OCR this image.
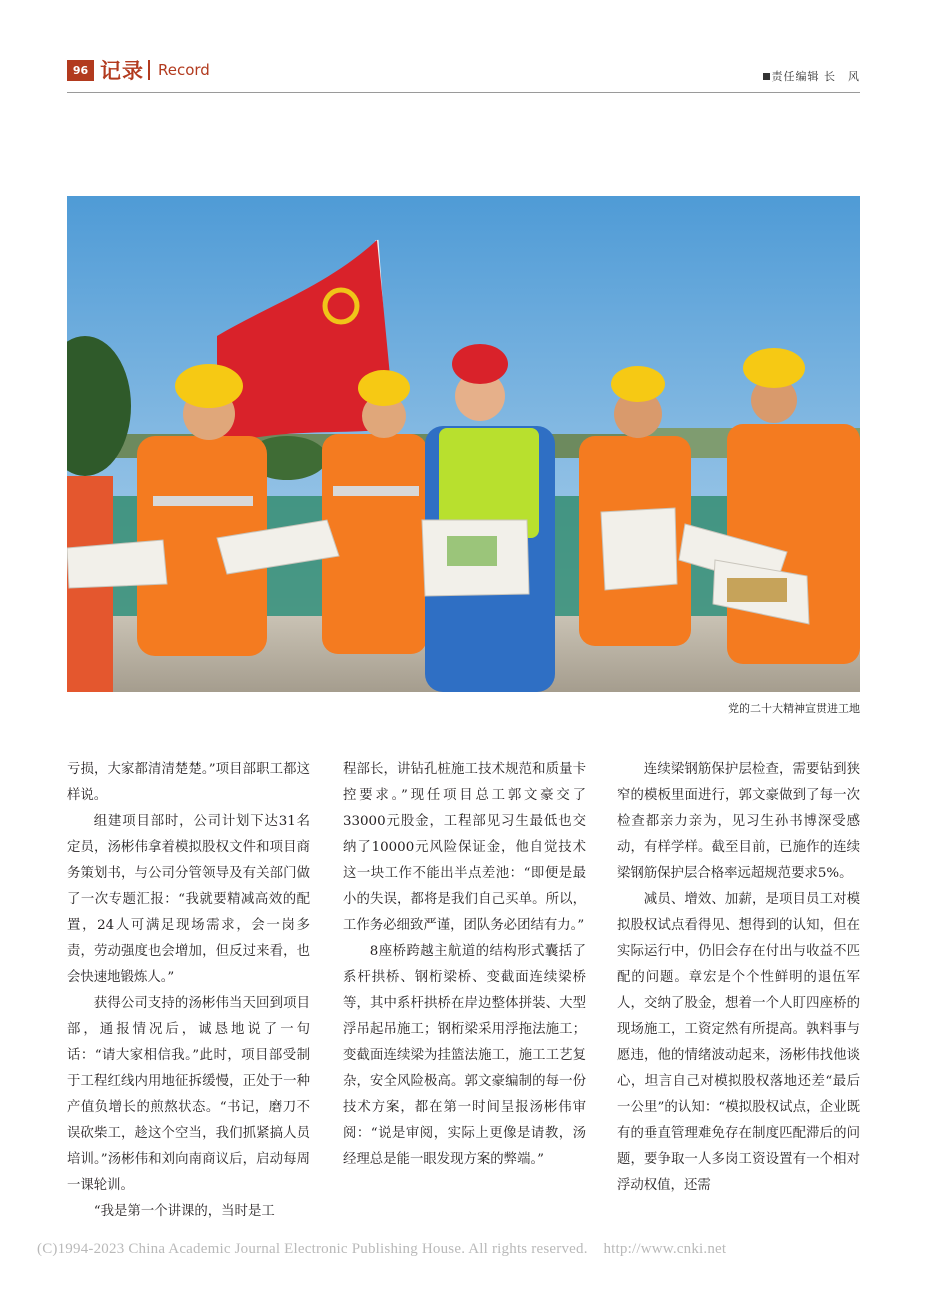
96 记录 Record	责任编辑 长　风
党的二十大精神宣贯进工地

亏损，大家都清清楚楚。”项目部职工都这样说。

组建项目部时，公司计划下达31名定员，汤彬伟拿着模拟股权文件和项目商务策划书，与公司分管领导及有关部门做了一次专题汇报：“我就要精减高效的配置，24人可满足现场需求，会一岗多责，劳动强度也会增加，但反过来看，也会快速地锻炼人。”

获得公司支持的汤彬伟当天回到项目部，通报情况后，诚恳地说了一句话：“请大家相信我。”此时，项目部受制于工程红线内用地征拆缓慢，正处于一种产值负增长的煎熬状态。“书记，磨刀不误砍柴工，趁这个空当，我们抓紧搞人员培训。”汤彬伟和刘向南商议后，启动每周一课轮训。

“我是第一个讲课的，当时是工

程部长，讲钻孔桩施工技术规范和质量卡控要求。”现任项目总工郭文豪交了33000元股金，工程部见习生最低也交纳了10000元风险保证金，他自觉技术这一块工作不能出半点差池：“即便是最小的失误，都将是我们自己买单。所以，工作务必细致严谨，团队务必团结有力。”

8座桥跨越主航道的结构形式囊括了系杆拱桥、钢桁梁桥、变截面连续梁桥等，其中系杆拱桥在岸边整体拼装、大型浮吊起吊施工；钢桁梁采用浮拖法施工；变截面连续梁为挂篮法施工，施工工艺复杂，安全风险极高。郭文豪编制的每一份技术方案，都在第一时间呈报汤彬伟审阅：“说是审阅，实际上更像是请教，汤经理总是能一眼发现方案的弊端。”

连续梁钢筋保护层检查，需要钻到狭窄的模板里面进行，郭文豪做到了每一次检查都亲力亲为，见习生孙书博深受感动，有样学样。截至目前，已施作的连续梁钢筋保护层合格率远超规范要求5%。

减员、增效、加薪，是项目员工对模拟股权试点看得见、想得到的认知，但在实际运行中，仍旧会存在付出与收益不匹配的问题。章宏是个个性鲜明的退伍军人，交纳了股金，想着一个人盯四座桥的现场施工，工资定然有所提高。孰料事与愿违，他的情绪波动起来，汤彬伟找他谈心，坦言自己对模拟股权落地还差“最后一公里”的认知：“模拟股权试点，企业既有的垂直管理难免存在制度匹配滞后的问题，要争取一人多岗工资设置有一个相对浮动权值，还需

(C)1994-2023 China Academic Journal Electronic Publishing House. All rights reserved. http://www.cnki.net
